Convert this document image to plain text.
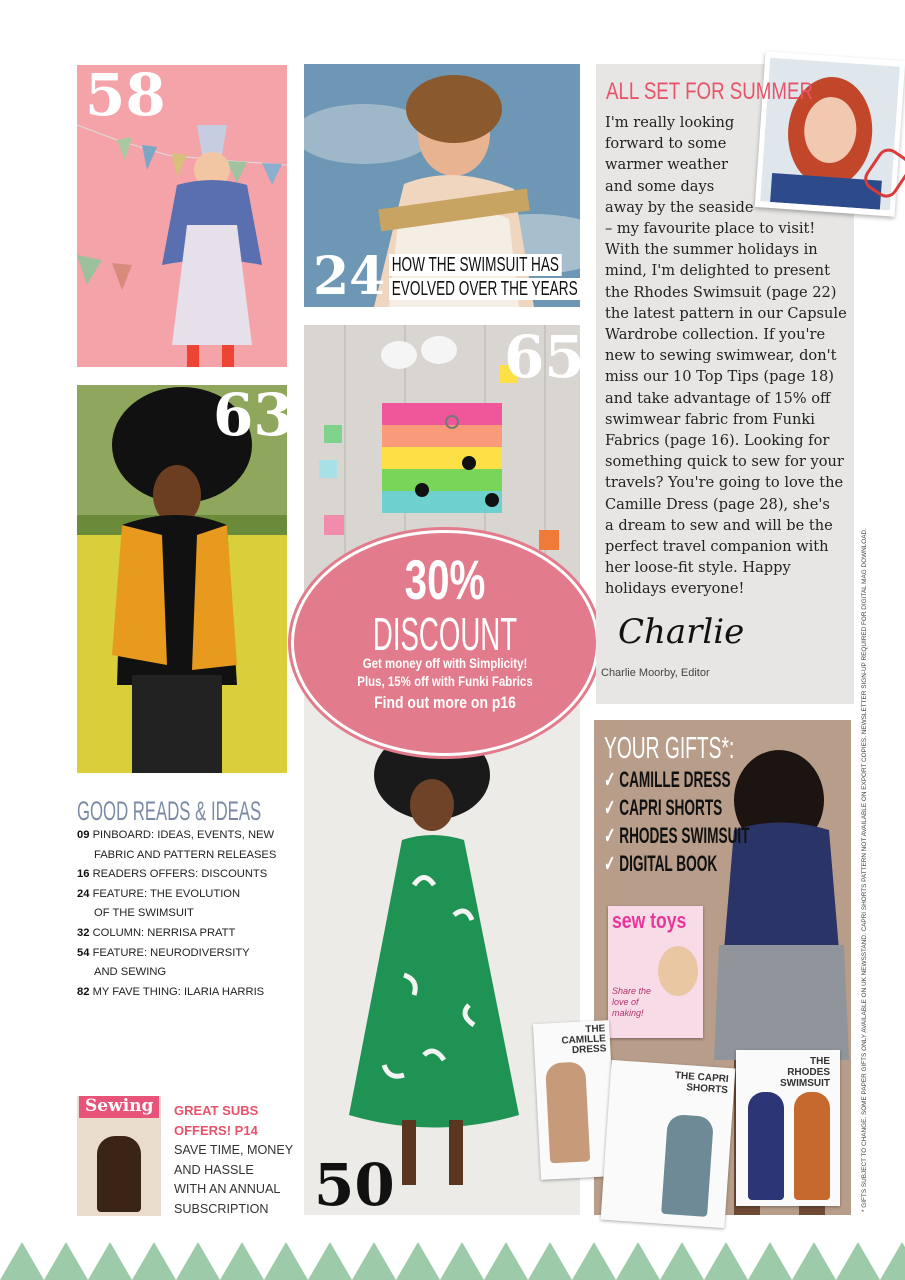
58
63
24 HOW THE SWIMSUIT HAS
EVOLVED OVER THE YEARS
65
50
30%
DISCOUNT
Get money off with Simplicity!
Plus, 15% off with Funki Fabrics
Find out more on p16
ALL SET FOR SUMMER
I'm really looking
forward to some
warmer weather
and some days
away by the seaside
– my favourite place to visit!
With the summer holidays in
mind, I'm delighted to present
the Rhodes Swimsuit (page 22)
the latest pattern in our Capsule
Wardrobe collection. If you're
new to sewing swimwear, don't
miss our 10 Top Tips (page 18)
and take advantage of 15% off
swimwear fabric from Funki
Fabrics (page 16). Looking for
something quick to sew for your
travels? You're going to love the
Camille Dress (page 28), she's
a dream to sew and will be the
perfect travel companion with
her loose-fit style. Happy
holidays everyone!
Charlie
Charlie Moorby, Editor
YOUR GIFTS*:
✓ CAMILLE DRESS
✓ CAPRI SHORTS
✓ RHODES SWIMSUIT
✓ DIGITAL BOOK
sew toys
Share the love of making!
THE CAMILLE DRESS
THE CAPRI SHORTS
THE RHODES SWIMSUIT
GOOD READS & IDEAS
09 PINBOARD: IDEAS, EVENTS, NEW
FABRIC AND PATTERN RELEASES
16 READERS OFFERS: DISCOUNTS
24 FEATURE: THE EVOLUTION
OF THE SWIMSUIT
32 COLUMN: NERRISA PRATT
54 FEATURE: NEURODIVERSITY
AND SEWING
82 MY FAVE THING: ILARIA HARRIS
Sewing GREAT SUBS
OFFERS! P14
SAVE TIME, MONEY
AND HASSLE
WITH AN ANNUAL
SUBSCRIPTION	* GIFTS SUBJECT TO CHANGE. SOME PAPER GIFTS ONLY AVAILABLE ON UK NEWSSTAND. CAPRI SHORTS PATTERN NOT AVAILABLE ON EXPORT COPIES. NEWSLETTER SIGN-UP REQUIRED FOR DIGITAL MAG DOWNLOAD.
